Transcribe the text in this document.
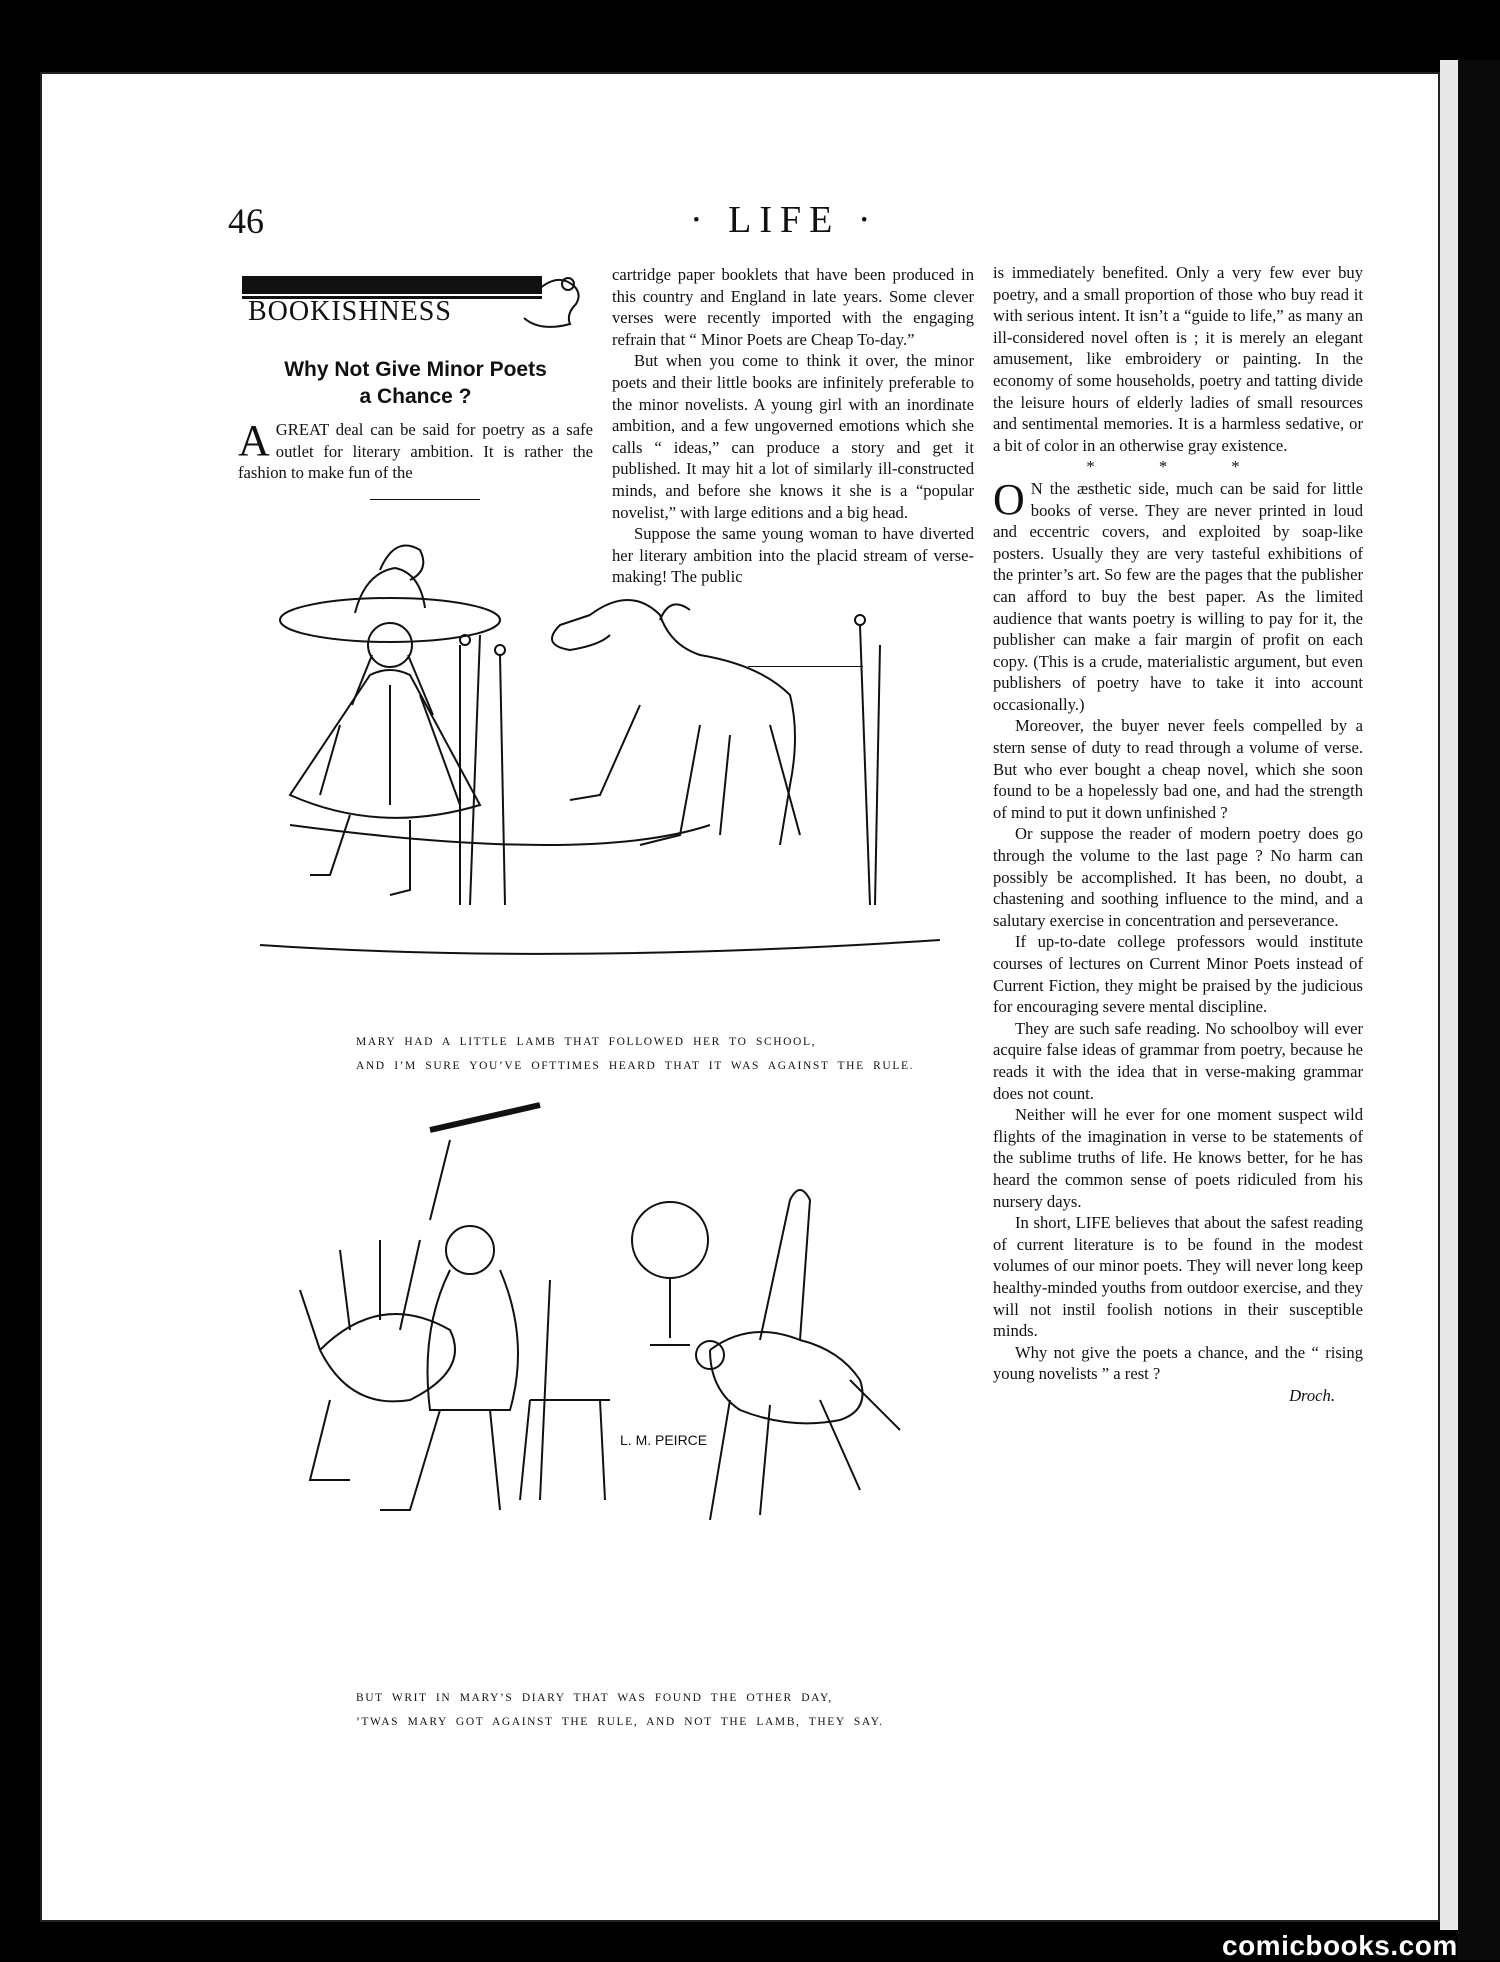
46	· LIFE ·
BOOKISHNESS
Why Not Give Minor Poets
a Chance ?
A GREAT deal can be said for poetry as a safe outlet for literary ambition. It is rather the fashion to make fun of the

cartridge paper booklets that have been produced in this country and England in late years. Some clever verses were recently imported with the engaging refrain that “ Minor Poets are Cheap To-day.”

But when you come to think it over, the minor poets and their little books are infinitely preferable to the minor novelists. A young girl with an inordinate ambition, and a few ungoverned emotions which she calls “ ideas,” can produce a story and get it published. It may hit a lot of similarly ill-constructed minds, and before she knows it she is a “popular novelist,” with large editions and a big head.

Suppose the same young woman to have diverted her literary ambition into the placid stream of verse-making! The public

is immediately benefited. Only a very few ever buy poetry, and a small proportion of those who buy read it with serious intent. It isn’t a “guide to life,” as many an ill-considered novel often is ; it is merely an elegant amusement, like embroidery or painting. In the economy of some households, poetry and tatting divide the leisure hours of elderly ladies of small resources and sentimental memories. It is a harmless sedative, or a bit of color in an otherwise gray existence.

* * *

O N the æsthetic side, much can be said for little books of verse. They are never printed in loud and eccentric covers, and exploited by soap-like posters. Usually they are very tasteful exhibitions of the printer’s art. So few are the pages that the publisher can afford to buy the best paper. As the limited audience that wants poetry is willing to pay for it, the publisher can make a fair margin of profit on each copy. (This is a crude, materialistic argument, but even publishers of poetry have to take it into account occasionally.)

Moreover, the buyer never feels compelled by a stern sense of duty to read through a volume of verse. But who ever bought a cheap novel, which she soon found to be a hopelessly bad one, and had the strength of mind to put it down unfinished ?

Or suppose the reader of modern poetry does go through the volume to the last page ? No harm can possibly be accomplished. It has been, no doubt, a chastening and soothing influence to the mind, and a salutary exercise in concentration and perseverance.

If up-to-date college professors would institute courses of lectures on Current Minor Poets instead of Current Fiction, they might be praised by the judicious for encouraging severe mental discipline.

They are such safe reading. No schoolboy will ever acquire false ideas of grammar from poetry, because he reads it with the idea that in verse-making grammar does not count.

Neither will he ever for one moment suspect wild flights of the imagination in verse to be statements of the sublime truths of life. He knows better, for he has heard the common sense of poets ridiculed from his nursery days.

In short, LIFE believes that about the safest reading of current literature is to be found in the modest volumes of our minor poets. They will never long keep healthy-minded youths from outdoor exercise, and they will not instil foolish notions in their susceptible minds.

Why not give the poets a chance, and the “ rising young novelists ” a rest ?

Droch.

MARY HAD A LITTLE LAMB THAT FOLLOWED HER TO SCHOOL,
AND I’M SURE YOU’VE OFTTIMES HEARD THAT IT WAS AGAINST THE RULE.
L. M. PEIRCE
BUT WRIT IN MARY’S DIARY THAT WAS FOUND THE OTHER DAY,
’TWAS MARY GOT AGAINST THE RULE, AND NOT THE LAMB, THEY SAY.
comicbooks.com
